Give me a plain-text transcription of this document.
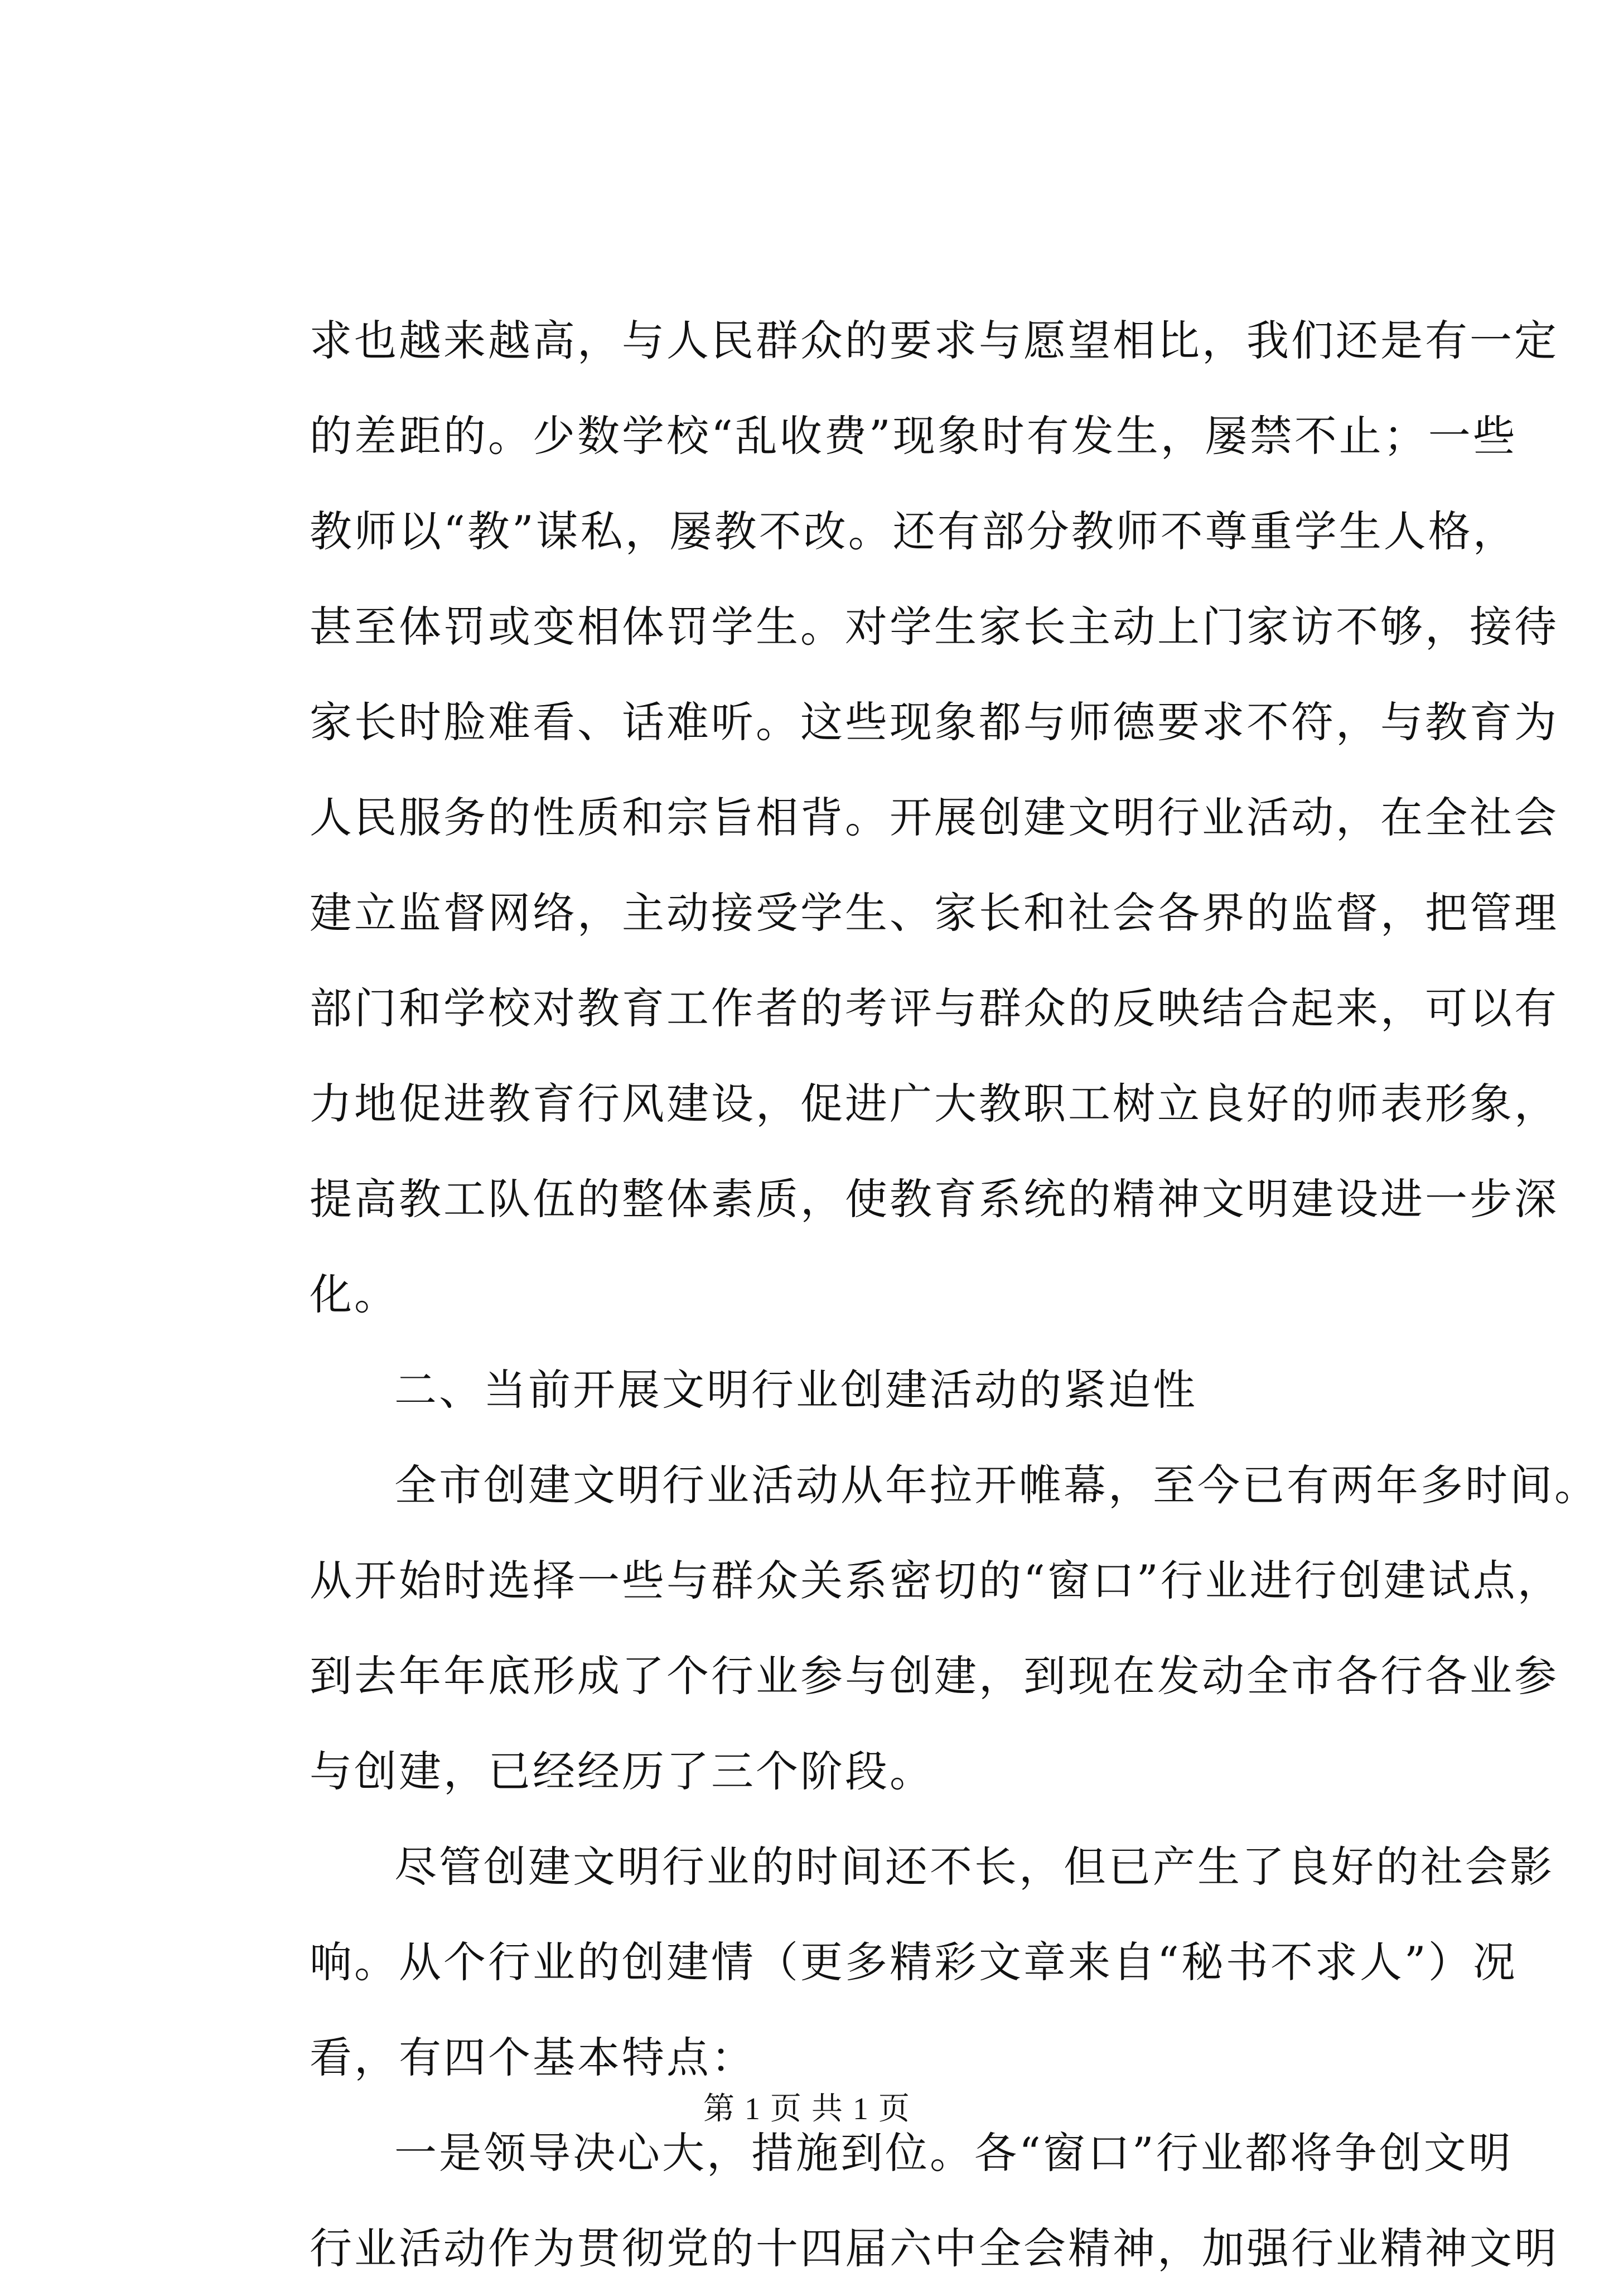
求也越来越高，与人民群众的要求与愿望相比，我们还是有一定
的差距的。少数学校“乱收费”现象时有发生，屡禁不止；一些
教师以“教”谋私，屡教不改。还有部分教师不尊重学生人格，
甚至体罚或变相体罚学生。对学生家长主动上门家访不够，接待
家长时脸难看、话难听。这些现象都与师德要求不符，与教育为
人民服务的性质和宗旨相背。开展创建文明行业活动，在全社会
建立监督网络，主动接受学生、家长和社会各界的监督，把管理
部门和学校对教育工作者的考评与群众的反映结合起来，可以有
力地促进教育行风建设，促进广大教职工树立良好的师表形象，
提高教工队伍的整体素质，使教育系统的精神文明建设进一步深
化。
二、当前开展文明行业创建活动的紧迫性
全市创建文明行业活动从年拉开帷幕，至今已有两年多时间。
从开始时选择一些与群众关系密切的“窗口”行业进行创建试点，
到去年年底形成了个行业参与创建，到现在发动全市各行各业参
与创建，已经经历了三个阶段。
尽管创建文明行业的时间还不长，但已产生了良好的社会影
响。从个行业的创建情（更多精彩文章来自“秘书不求人”）况
看，有四个基本特点：
一是领导决心大，措施到位。各“窗口”行业都将争创文明
行业活动作为贯彻党的十四届六中全会精神，加强行业精神文明
第 1 页 共 1 页
